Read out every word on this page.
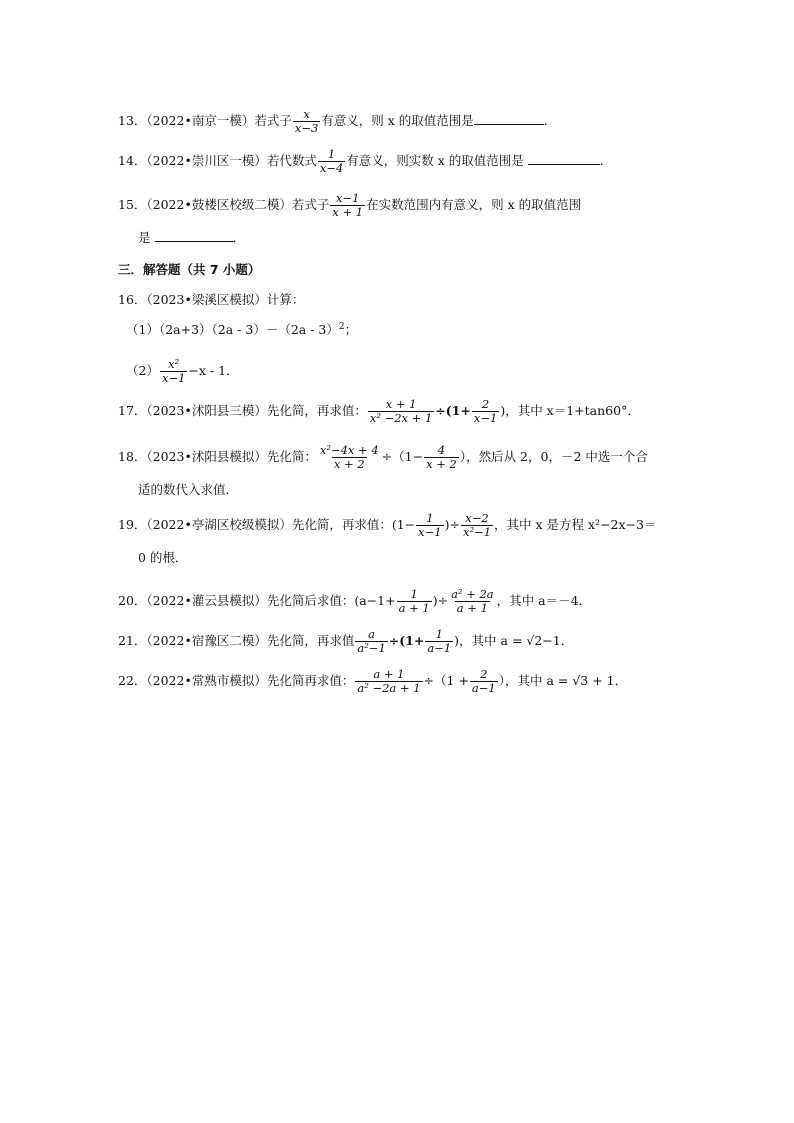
13．（2022•南京一模）若式子 $\frac{x}{x-3}$ 有意义，则 x 的取值范围是	．
14．（2022•崇川区一模）若代数式 $\frac{1}{x-4}$ 有意义，则实数 x 的取值范围是	．
15．（2022•鼓楼区校级二模）若式子 $\frac{x-1}{x + 1}$ 在实数范围内有意义，则 x 的取值范围
是	．
三．解答题（共 7 小题）
16．（2023•梁溪区模拟）计算：
（1）（2a+3）（2a - 3）－（2a - 3）$^2$；
$(2) \frac{\text{x²}}{x-1} -x - 1$．
17．（2023•沭阳县三模）先化简，再求值： $\frac{x + 1}{\text{x² −2x + 1}} \div(1+ \frac{2}{x-1}$ )，其中 x＝1+tan60°．
18．（2023•沭阳县模拟）先化简： $\frac{\text{x²−4x + 4}}{x + 2} \div(1- \frac{4}{x + 2}$ ），然后从 2，0，－2 中选一个合
适的数代入求值．
19．（2022•亭湖区校级模拟）先化简，再求值：($1- \frac{1}{x-1}$ )÷ $\frac{x-2}{\text{x²−1}}$ ，其中 x 是方程 x²−2x−3＝
0 的根．
20．（2022•灌云县模拟）先化简后求值：($a-1+ \frac{1}{a + 1}$ )÷ $\frac{\text{a² + 2a}}{a + 1}$ ，其中 a＝－4．
21．（2022•宿豫区二模）先化简，再求值 $\frac{a}{\text{a²−1}} \div(1+ \frac{1}{a-1}$ )，其中 a = √2−1．
22．（2022•常熟市模拟）先化简再求值： $\frac{a + 1}{\text{a² −2a + 1}} \div(1 + \frac{2}{a-1}$ ），其中 a = √3 + 1．
